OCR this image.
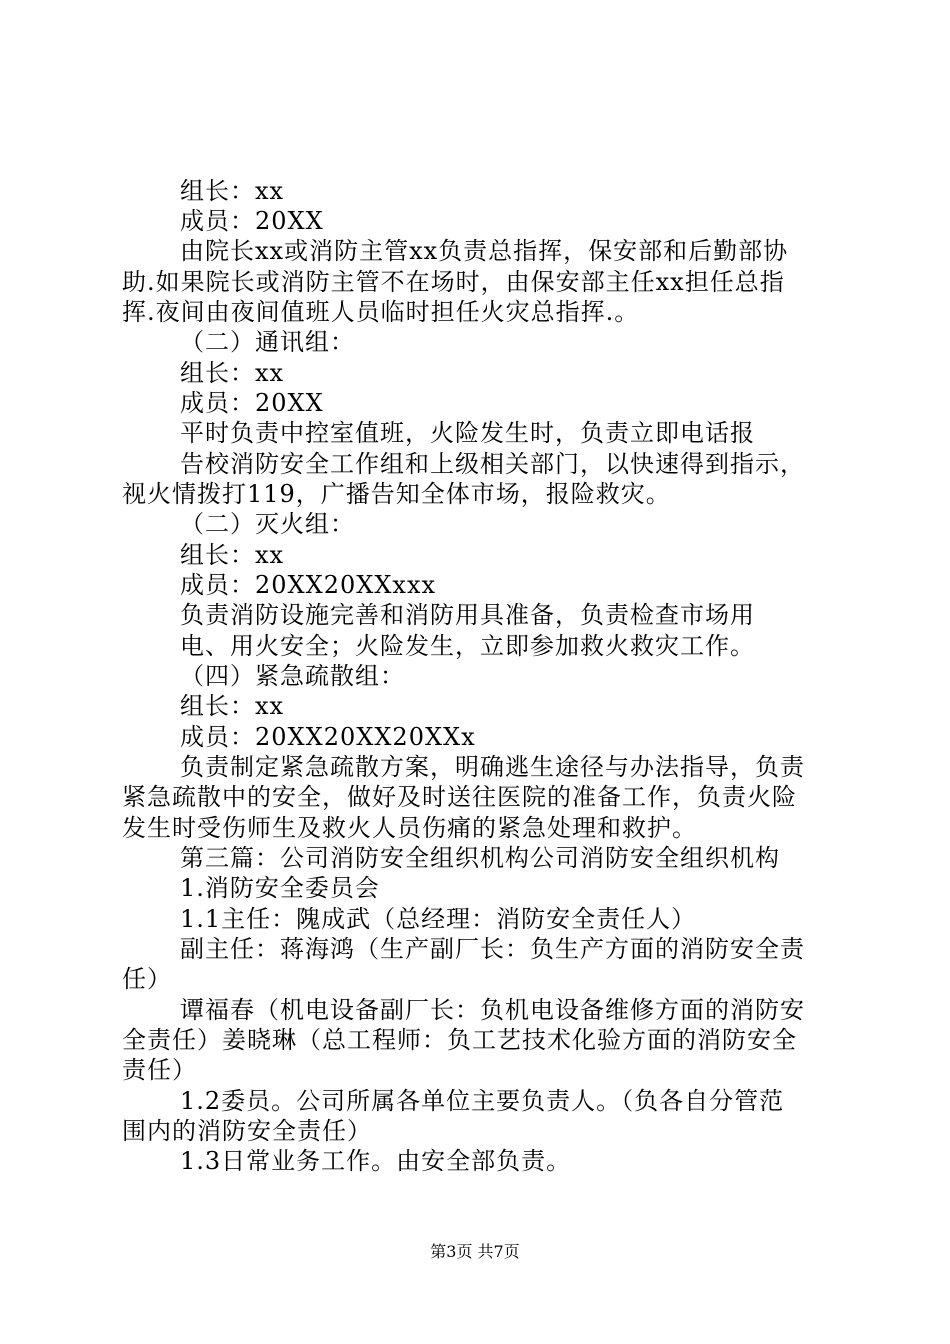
组长：xx
成员：20XX
由院长xx或消防主管xx负责总指挥，保安部和后勤部协
助.如果院长或消防主管不在场时，由保安部主任xx担任总指
挥.夜间由夜间值班人员临时担任火灾总指挥.。
（二）通讯组：
组长：xx
成员：20XX
平时负责中控室值班，火险发生时，负责立即电话报
告校消防安全工作组和上级相关部门，以快速得到指示，
视火情拨打119，广播告知全体市场，报险救灾。
（二）灭火组：
组长：xx
成员：20XX20XXxxx
负责消防设施完善和消防用具准备，负责检查市场用
电、用火安全；火险发生，立即参加救火救灾工作。
（四）紧急疏散组：
组长：xx
成员：20XX20XX20XXx
负责制定紧急疏散方案，明确逃生途径与办法指导，负责
紧急疏散中的安全，做好及时送往医院的准备工作，负责火险
发生时受伤师生及救火人员伤痛的紧急处理和救护。
第三篇：公司消防安全组织机构公司消防安全组织机构
1.消防安全委员会
1.1主任：隗成武（总经理：消防安全责任人）
副主任：蒋海鸿（生产副厂长：负生产方面的消防安全责
任）
谭福春（机电设备副厂长：负机电设备维修方面的消防安
全责任）姜晓琳（总工程师：负工艺技术化验方面的消防安全
责任）
1.2委员。公司所属各单位主要负责人。（负各自分管范
围内的消防安全责任）
1.3日常业务工作。由安全部负责。
第3页 共7页
